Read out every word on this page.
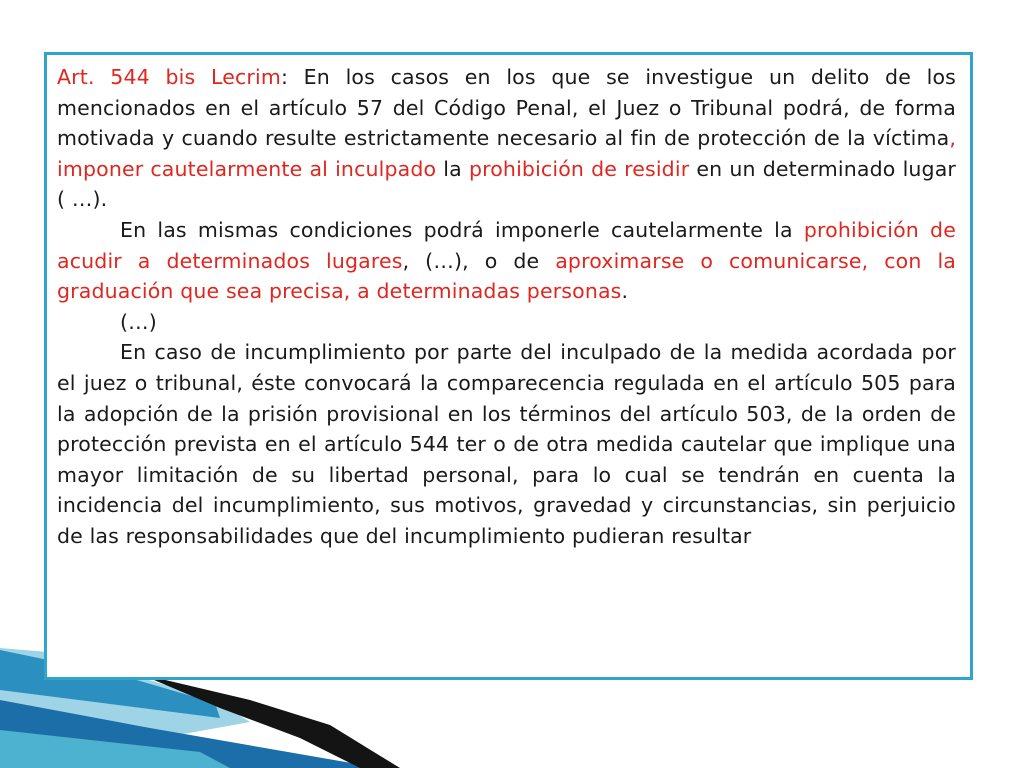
Art. 544 bis Lecrim: En los casos en los que se investigue un delito de los mencionados en el artículo 57 del Código Penal, el Juez o Tribunal podrá, de forma motivada y cuando resulte estrictamente necesario al fin de protección de la víctima, imponer cautelarmente al inculpado la prohibición de residir en un determinado lugar ( …).

En las mismas condiciones podrá imponerle cautelarmente la prohibición de acudir a determinados lugares, (…), o de aproximarse o comunicarse, con la graduación que sea precisa, a determinadas personas.

(…)

En caso de incumplimiento por parte del inculpado de la medida acordada por el juez o tribunal, éste convocará la comparecencia regulada en el artículo 505 para la adopción de la prisión provisional en los términos del artículo 503, de la orden de protección prevista en el artículo 544 ter o de otra medida cautelar que implique una mayor limitación de su libertad personal, para lo cual se tendrán en cuenta la incidencia del incumplimiento, sus motivos, gravedad y circunstancias, sin perjuicio de las responsabilidades que del incumplimiento pudieran resultar
